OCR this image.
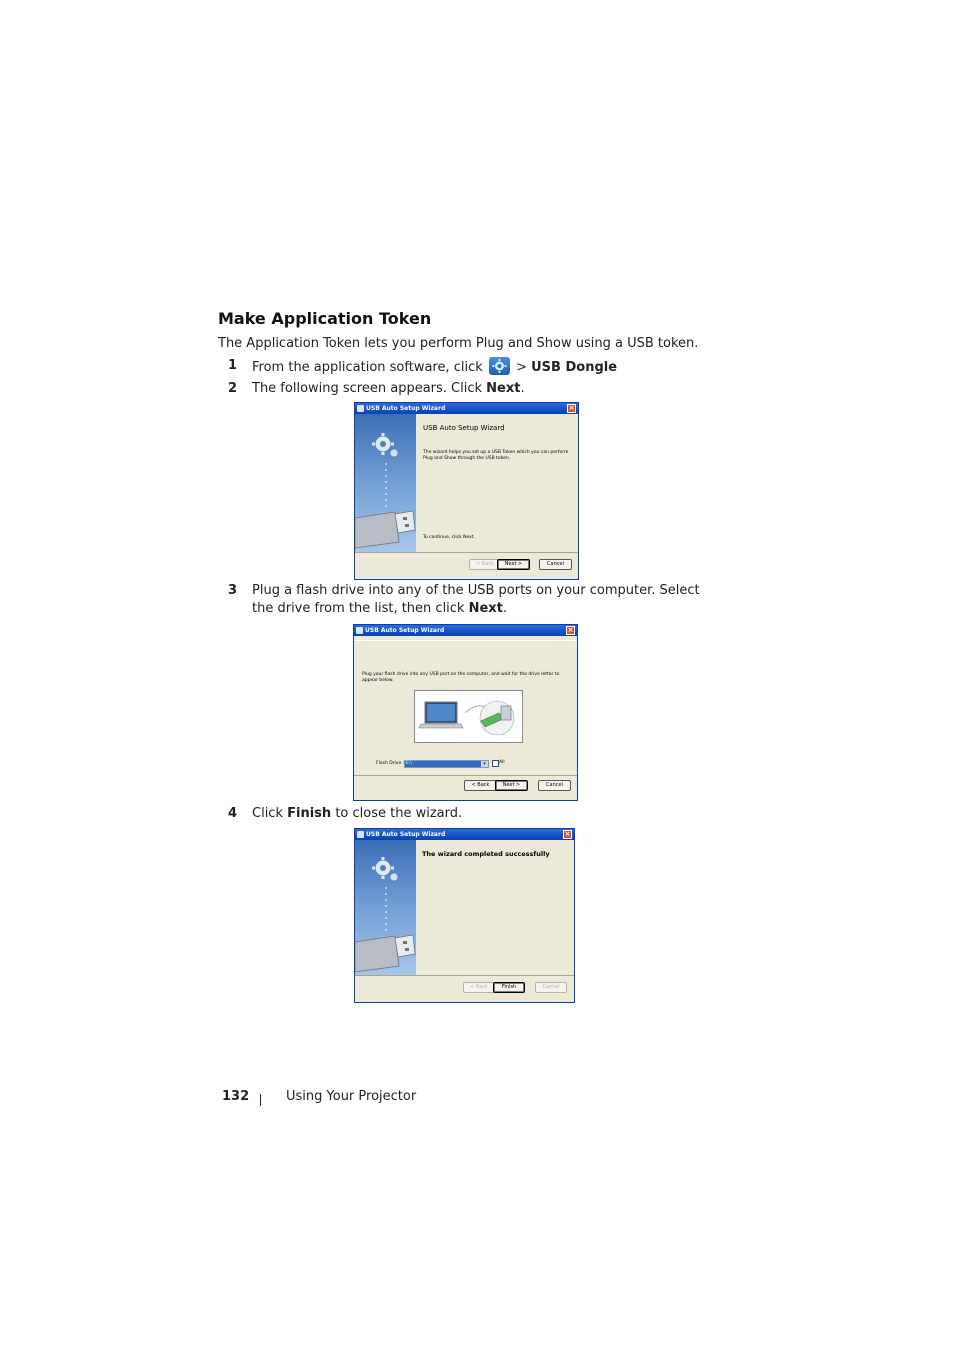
Make Application Token
The Application Token lets you perform Plug and Show using a USB token.
1 From the application software, click	> USB Dongle
2 The following screen appears. Click Next.
USB Auto Setup Wizard	×
USB Auto Setup Wizard
The wizard helps you set up a USB Token which you can perform Plug and Show through the USB token.
To continue, click Next.
< Back	Next >	Cancel
3 Plug a flash drive into any of the USB ports on your computer. Select the drive from the list, then click Next.
USB Auto Setup Wizard	×
Plug your flash drive into any USB port on the computer, and wait for the drive letter to appear below.
Flash Drive : E:\	▾	All
< Back	Next >	Cancel
4 Click Finish to close the wizard.
USB Auto Setup Wizard	×
The wizard completed successfully
< Back	Finish	Cancel
132	Using Your Projector
